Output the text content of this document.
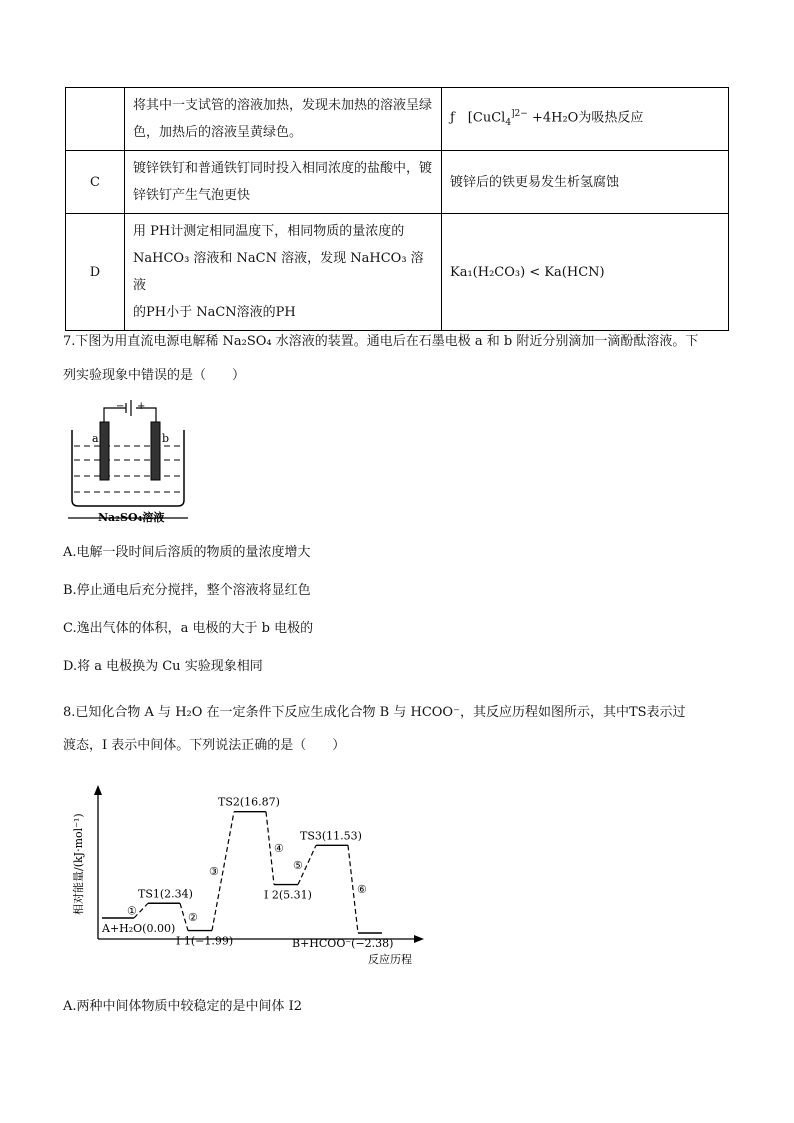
	将其中一支试管的溶液加热，发现未加热的溶液呈绿色，加热后的溶液呈黄绿色。	ƒ　[CuCl$_4^{]2-}$ +4H₂O为吸热反应
C	镀锌铁钉和普通铁钉同时投入相同浓度的盐酸中，镀锌铁钉产生气泡更快	镀锌后的铁更易发生析氢腐蚀
D	用 PH计测定相同温度下，相同物质的量浓度的
NaHCO₃ 溶液和 NaCN 溶液，发现 NaHCO₃ 溶液
的PH小于 NaCN溶液的PH	Ka₁(H₂CO₃) < Ka(HCN)
7.下图为用直流电源电解稀 Na₂SO₄ 水溶液的装置。通电后在石墨电极 a 和 b 附近分别滴加一滴酚酞溶液。下
列实验现象中错误的是（　　）
− +
a	b
Na₂SO₄溶液
A.电解一段时间后溶质的物质的量浓度增大
B.停止通电后充分搅拌，整个溶液将显红色
C.逸出气体的体积，a 电极的大于 b 电极的
D.将 a 电极换为 Cu 实验现象相同
8.已知化合物 A 与 H₂O 在一定条件下反应生成化合物 B 与 HCOO⁻，其反应历程如图所示，其中TS表示过
渡态，I 表示中间体。下列说法正确的是（　　）
相对能量/(kJ·mol⁻¹)
反应历程
A+H₂O(0.00)
①
TS1(2.34)
②
I 1(−1.99)
③
TS2(16.87)
④
I 2(5.31)
⑤
TS3(11.53)
⑥
B+HCOO⁻(−2.38)
A.两种中间体物质中较稳定的是中间体 I2
